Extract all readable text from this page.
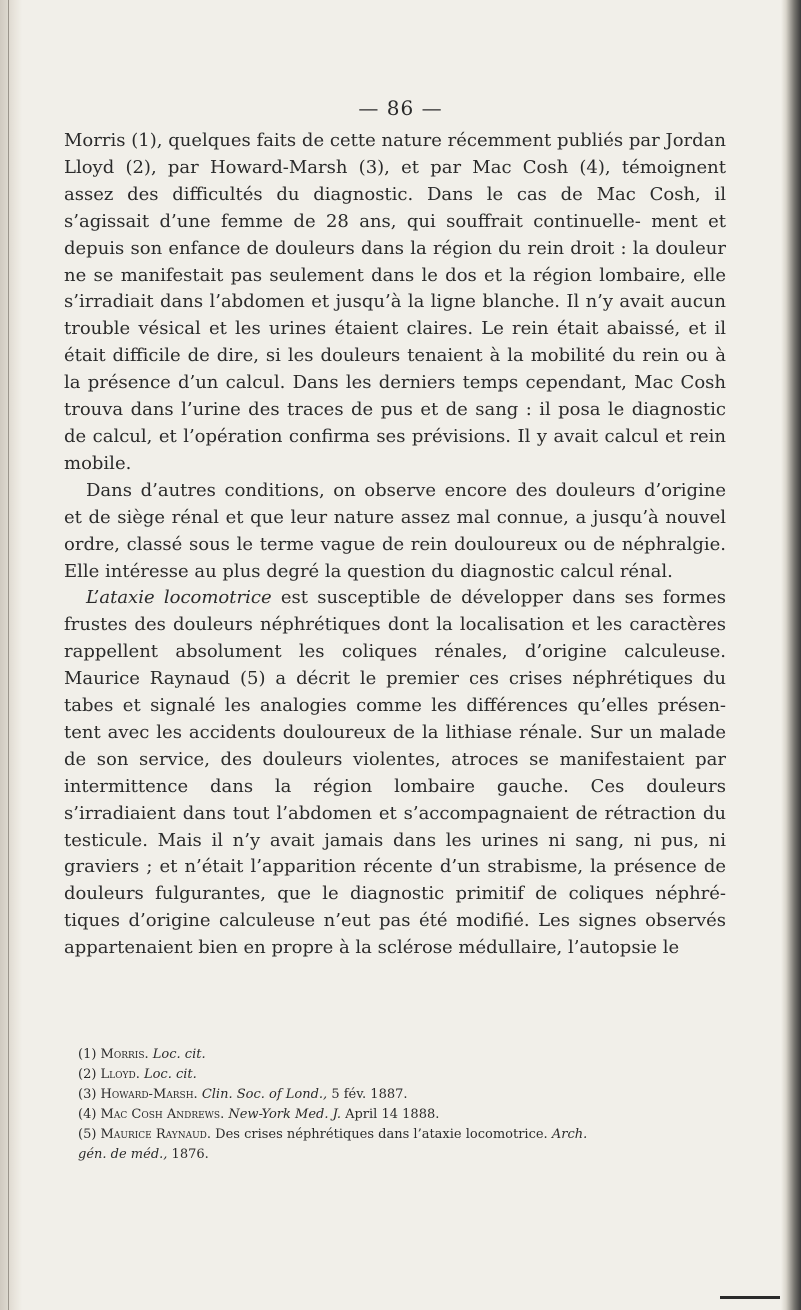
— 86 —

Morris (1), quelques faits de cette nature récemment publiés par Jordan Lloyd (2), par Howard-Marsh (3), et par Mac Cosh (4), témoignent assez des difficultés du diagnostic. Dans le cas de Mac Cosh, il s’agissait d’une femme de 28 ans, qui souffrait continuelle- ment et depuis son enfance de douleurs dans la région du rein droit : la douleur ne se manifestait pas seulement dans le dos et la région lombaire, elle s’irradiait dans l’abdomen et jusqu’à la ligne blanche. Il n’y avait aucun trouble vésical et les urines étaient claires. Le rein était abaissé, et il était difficile de dire, si les douleurs tenaient à la mobilité du rein ou à la présence d’un calcul. Dans les derniers temps cependant, Mac Cosh trouva dans l’urine des traces de pus et de sang : il posa le diagnostic de calcul, et l’opération confirma ses prévisions. Il y avait calcul et rein mobile.

Dans d’autres conditions, on observe encore des douleurs d’origine et de siège rénal et que leur nature assez mal connue, a jusqu’à nouvel ordre, classé sous le terme vague de rein douloureux ou de néphralgie. Elle intéresse au plus degré la question du diagnostic calcul rénal.

L’ataxie locomotrice est susceptible de développer dans ses formes frustes des douleurs néphrétiques dont la localisation et les caractères rappellent absolument les coliques rénales, d’origine calculeuse. Maurice Raynaud (5) a décrit le premier ces crises néphrétiques du tabes et signalé les analogies comme les différences qu’elles présen- tent avec les accidents douloureux de la lithiase rénale. Sur un malade de son service, des douleurs violentes, atroces se manifestaient par intermittence dans la région lombaire gauche. Ces douleurs s’irradiaient dans tout l’abdomen et s’accompagnaient de rétraction du testicule. Mais il n’y avait jamais dans les urines ni sang, ni pus, ni graviers ; et n’était l’apparition récente d’un strabisme, la présence de douleurs fulgurantes, que le diagnostic primitif de coliques néphré- tiques d’origine calculeuse n’eut pas été modifié. Les signes observés appartenaient bien en propre à la sclérose médullaire, l’autopsie le

(1) Morris. Loc. cit.
(2) Lloyd. Loc. cit.
(3) Howard-Marsh. Clin. Soc. of Lond., 5 fév. 1887.
(4) Mac Cosh Andrews. New-York Med. J. April 14 1888.
(5) Maurice Raynaud. Des crises néphrétiques dans l’ataxie locomotrice. Arch.
gén. de méd., 1876.
